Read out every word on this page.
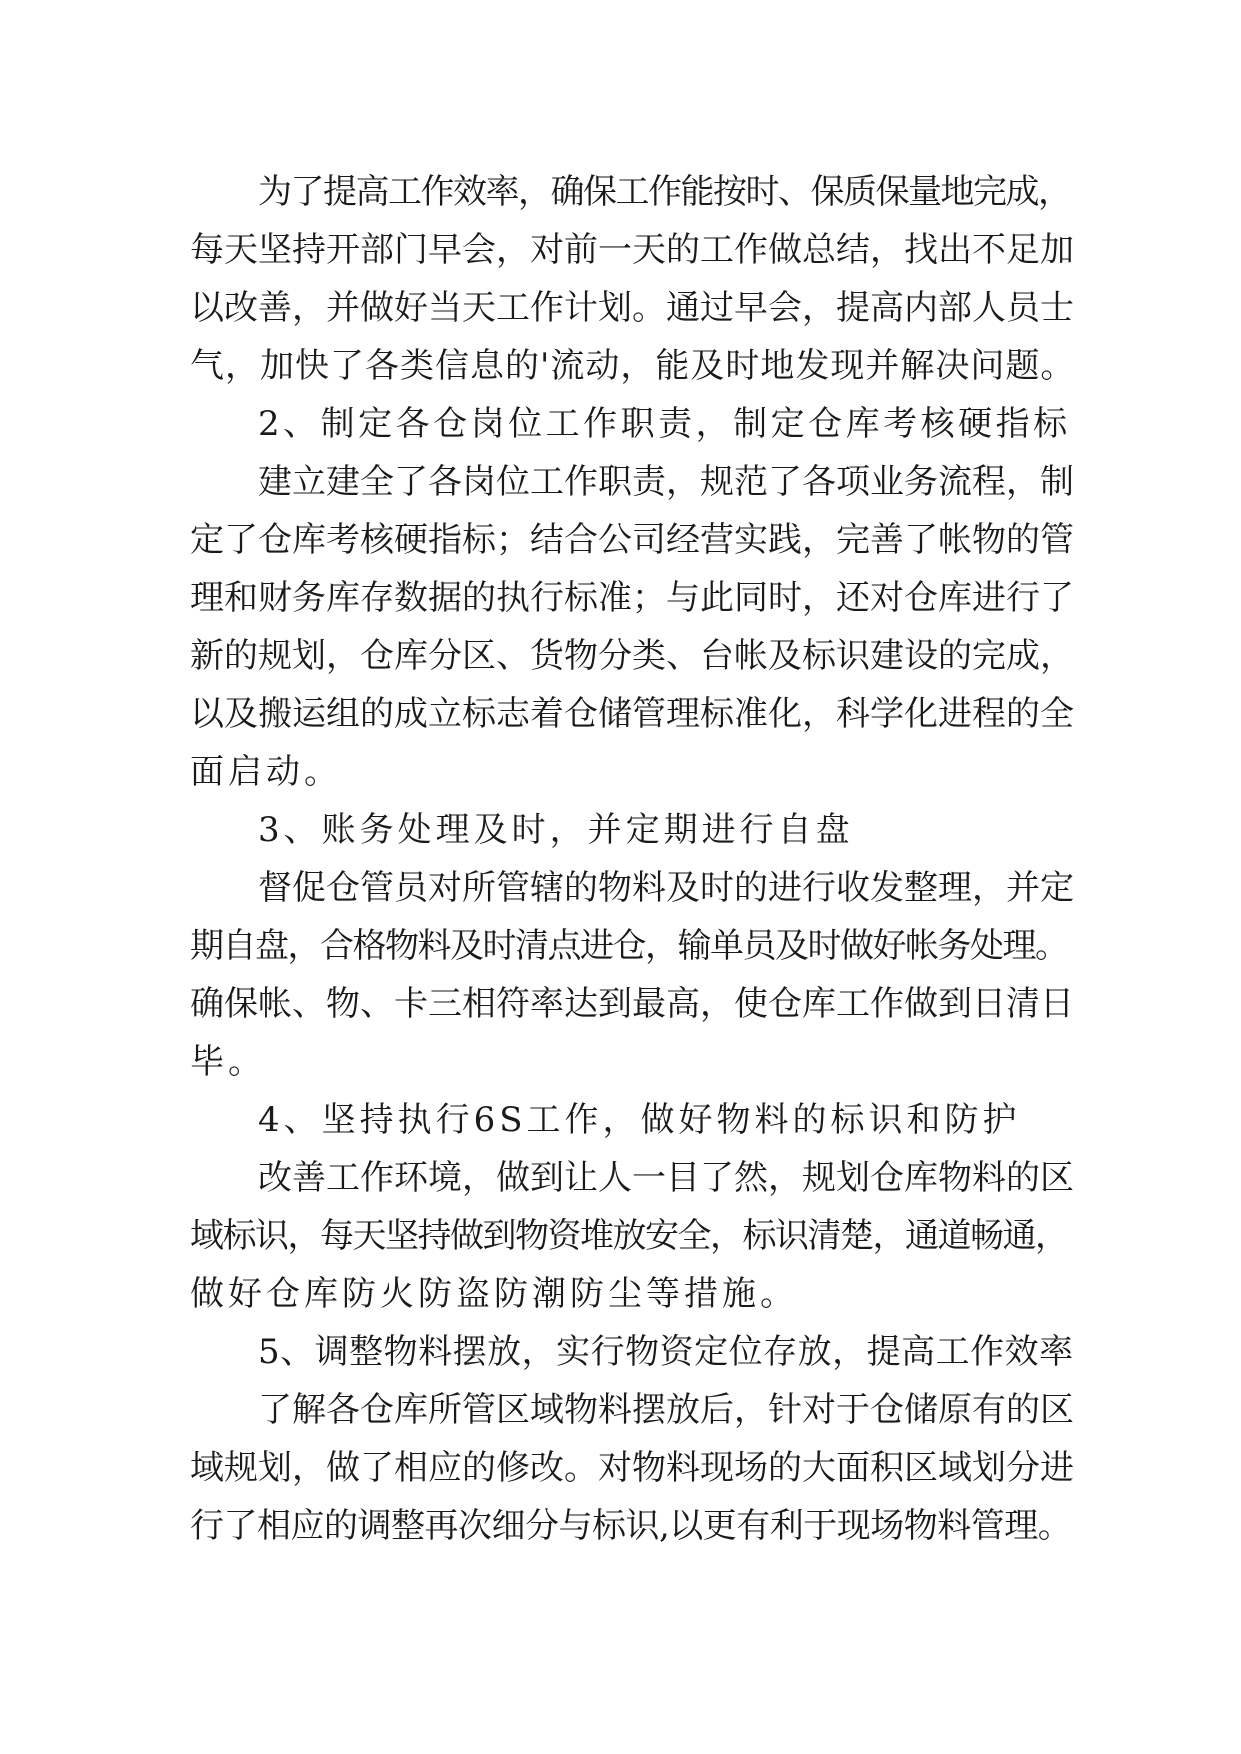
为了提高工作效率，确保工作能按时、保质保量地完成，
每天坚持开部门早会，对前一天的工作做总结，找出不足加
以改善，并做好当天工作计划。通过早会，提高内部人员士
气，加快了各类信息的'流动，能及时地发现并解决问题。
2、制定各仓岗位工作职责，制定仓库考核硬指标
建立建全了各岗位工作职责，规范了各项业务流程，制
定了仓库考核硬指标；结合公司经营实践，完善了帐物的管
理和财务库存数据的执行标准；与此同时，还对仓库进行了
新的规划，仓库分区、货物分类、台帐及标识建设的完成，
以及搬运组的成立标志着仓储管理标准化，科学化进程的全
面启动。
3、账务处理及时，并定期进行自盘
督促仓管员对所管辖的物料及时的进行收发整理，并定
期自盘，合格物料及时清点进仓，输单员及时做好帐务处理。
确保帐、物、卡三相符率达到最高，使仓库工作做到日清日
毕。
4、坚持执行6S工作，做好物料的标识和防护
改善工作环境，做到让人一目了然，规划仓库物料的区
域标识，每天坚持做到物资堆放安全，标识清楚，通道畅通，
做好仓库防火防盗防潮防尘等措施。
5、调整物料摆放，实行物资定位存放，提高工作效率
了解各仓库所管区域物料摆放后，针对于仓储原有的区
域规划，做了相应的修改。对物料现场的大面积区域划分进
行了相应的调整再次细分与标识,以更有利于现场物料管理。
